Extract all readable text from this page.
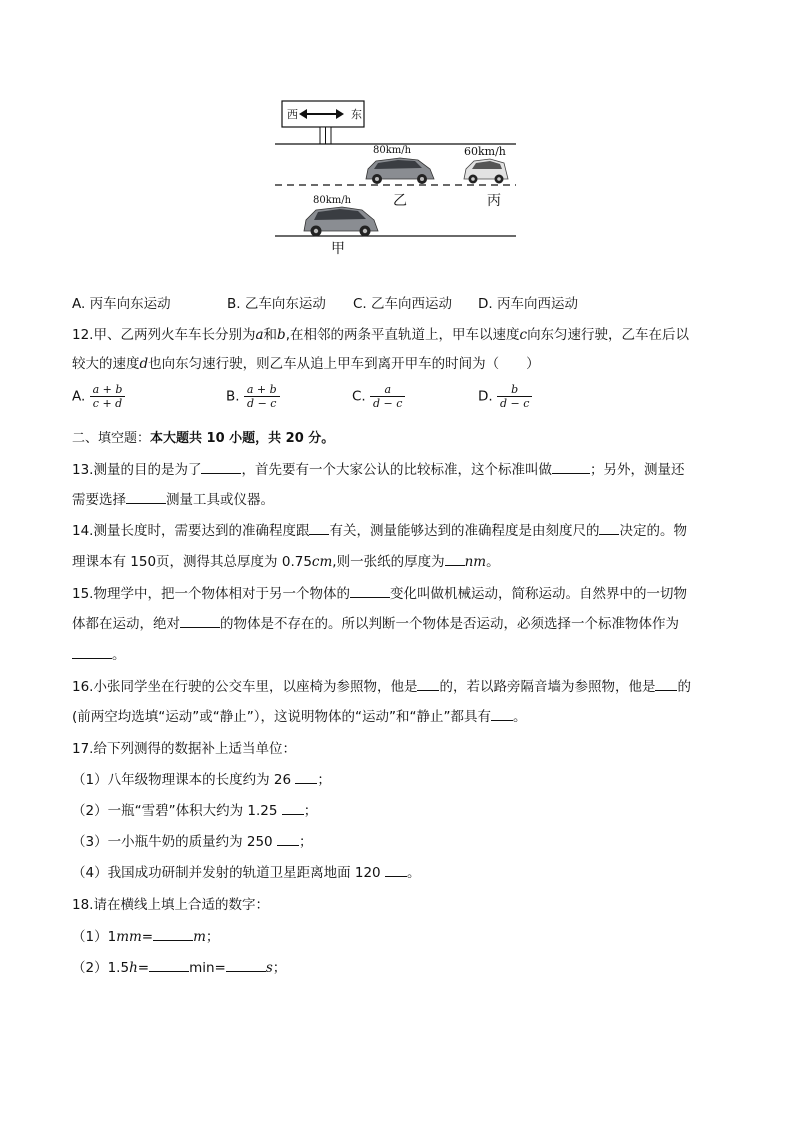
西	东
80km/h	60km/h
80km/h	乙	丙
甲
A. 丙车向东运动	B. 乙车向东运动 C. 乙车向西运动 D. 丙车向西运动
12.甲、乙两列火车车长分别为a和b,在相邻的两条平直轨道上，甲车以速度c向东匀速行驶，乙车在后以
较大的速度d也向东匀速行驶，则乙车从追上甲车到离开甲车的时间为（　　）
A. $\frac{a + b}{c + d}$	B. $\frac{a + b}{d - c}$	C. $\frac{a}{d - c}$	D. $\frac{b}{d - c}$
二、填空题：本大题共 10 小题，共 20 分。
13.测量的目的是为了	，首先要有一个大家公认的比较标准，这个标准叫做	；另外，测量还
需要选择	测量工具或仪器。
14.测量长度时，需要达到的准确程度跟 有关，测量能够达到的准确程度是由刻度尺的 决定的。物
理课本有 150页，测得其总厚度为 0.75cm,则一张纸的厚度为 nm。
15.物理学中，把一个物体相对于另一个物体的	变化叫做机械运动，简称运动。自然界中的一切物
体都在运动，绝对	的物体是不存在的。所以判断一个物体是否运动，必须选择一个标准物体作为
。
16.小张同学坐在行驶的公交车里，以座椅为参照物，他是 的，若以路旁隔音墙为参照物，他是 的
(前两空均选填“运动”或“静止”），这说明物体的“运动”和“静止”都具有 。
17.给下列测得的数据补上适当单位：
（1）八年级物理课本的长度约为 26 ；
（2）一瓶“雪碧”体积大约为 1.25 ；
（3）一小瓶牛奶的质量约为 250 ；
（4）我国成功研制并发射的轨道卫星距离地面 120 。
18.请在横线上填上合适的数字：
（1）1mm=	m；
（2）1.5h=	min=	s；
